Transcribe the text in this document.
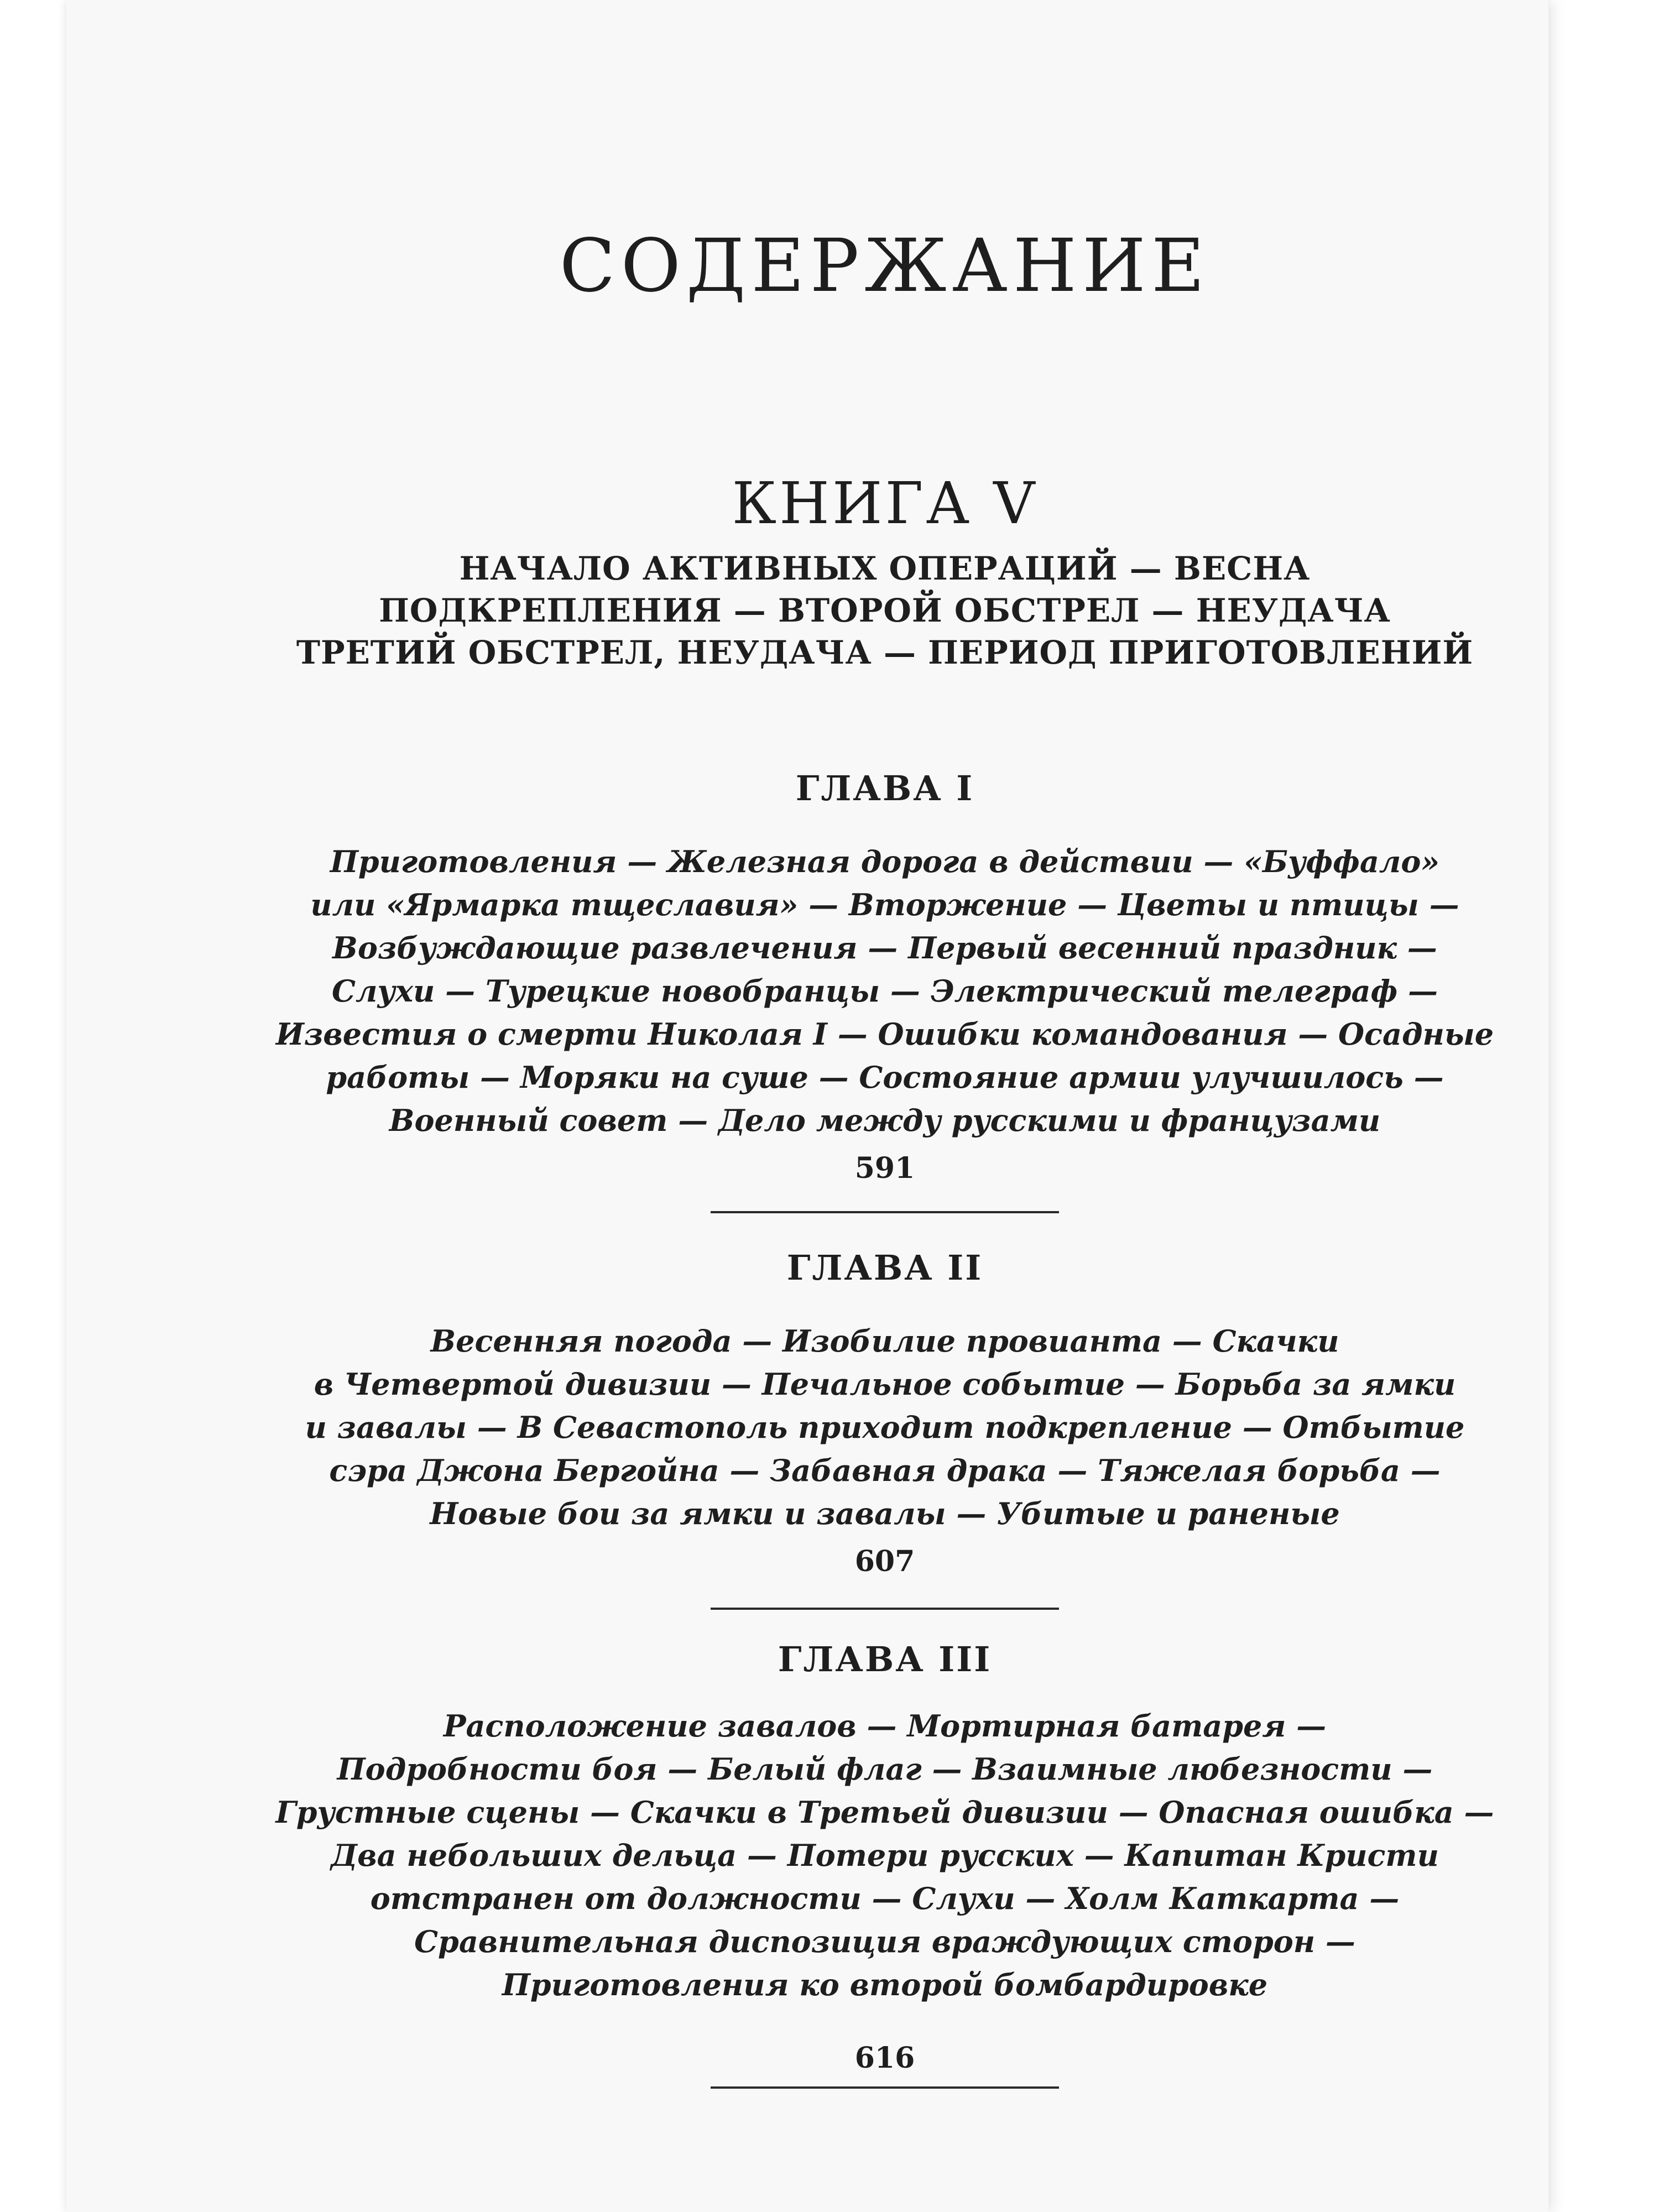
СОДЕРЖАНИЕ
КНИГА V

НАЧАЛО АКТИВНЫХ ОПЕРАЦИЙ — ВЕСНА
ПОДКРЕПЛЕНИЯ — ВТОРОЙ ОБСТРЕЛ — НЕУДАЧА
ТРЕТИЙ ОБСТРЕЛ, НЕУДАЧА — ПЕРИОД ПРИГОТОВЛЕНИЙ

ГЛАВА I

Приготовления — Железная дорога в действии — «Буффало»
или «Ярмарка тщеславия» — Вторжение — Цветы и птицы —
Возбуждающие развлечения — Первый весенний праздник —
Слухи — Турецкие новобранцы — Электрический телеграф —
Известия о смерти Николая I — Ошибки командования — Осадные
работы — Моряки на суше — Состояние армии улучшилось —
Военный совет — Дело между русскими и французами

591

ГЛАВА II

Весенняя погода — Изобилие провианта — Скачки
в Четвертой дивизии — Печальное событие — Борьба за ямки
и завалы — В Севастополь приходит подкрепление — Отбытие
сэра Джона Бергойна — Забавная драка — Тяжелая борьба —
Новые бои за ямки и завалы — Убитые и раненые

607

ГЛАВА III

Расположение завалов — Мортирная батарея —
Подробности боя — Белый флаг — Взаимные любезности —
Грустные сцены — Скачки в Третьей дивизии — Опасная ошибка —
Два небольших дельца — Потери русских — Капитан Кристи
отстранен от должности — Слухи — Холм Каткарта —
Сравнительная диспозиция враждующих сторон —
Приготовления ко второй бомбардировке

616
